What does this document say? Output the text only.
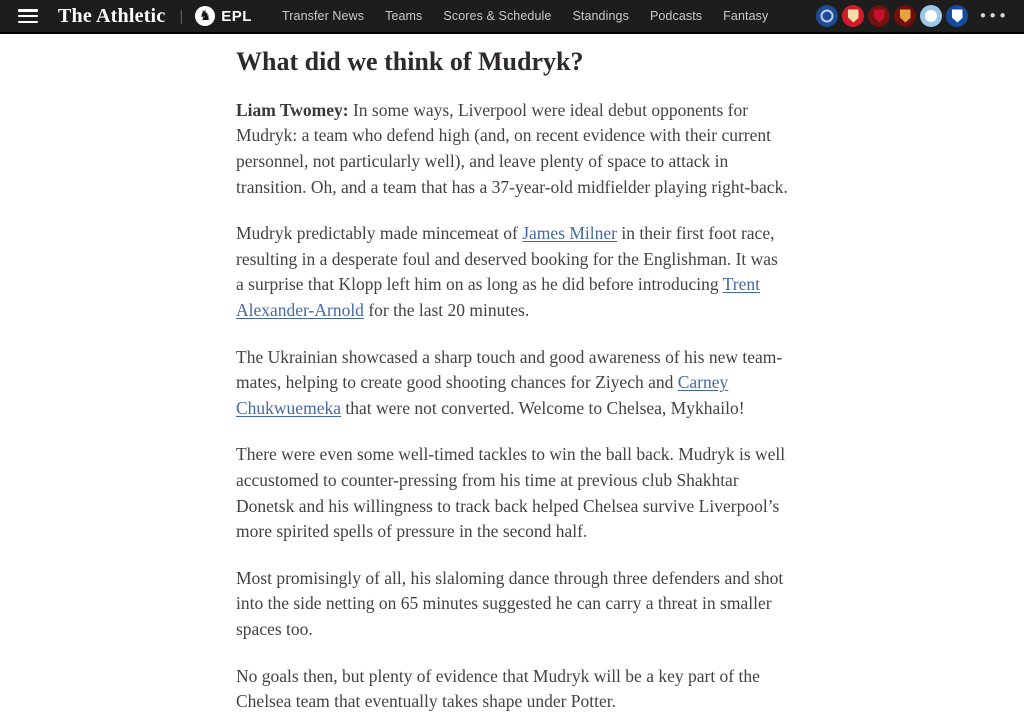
The Athletic | ♞ EPL Transfer News Teams Scores & Schedule Standings Podcasts Fantasy	•••
What did we think of Mudryk?

Liam Twomey: In some ways, Liverpool were ideal debut opponents for Mudryk: a team who defend high (and, on recent evidence with their current personnel, not particularly well), and leave plenty of space to attack in transition. Oh, and a team that has a 37-year-old midfielder playing right-back.

Mudryk predictably made mincemeat of James Milner in their first foot race, resulting in a desperate foul and deserved booking for the Englishman. It was a surprise that Klopp left him on as long as he did before introducing Trent Alexander-Arnold for the last 20 minutes.

The Ukrainian showcased a sharp touch and good awareness of his new team-mates, helping to create good shooting chances for Ziyech and Carney Chukwuemeka that were not converted. Welcome to Chelsea, Mykhailo!

There were even some well-timed tackles to win the ball back. Mudryk is well accustomed to counter-pressing from his time at previous club Shakhtar Donetsk and his willingness to track back helped Chelsea survive Liverpool’s more spirited spells of pressure in the second half.

Most promisingly of all, his slaloming dance through three defenders and shot into the side netting on 65 minutes suggested he can carry a threat in smaller spaces too.

No goals then, but plenty of evidence that Mudryk will be a key part of the Chelsea team that eventually takes shape under Potter.
